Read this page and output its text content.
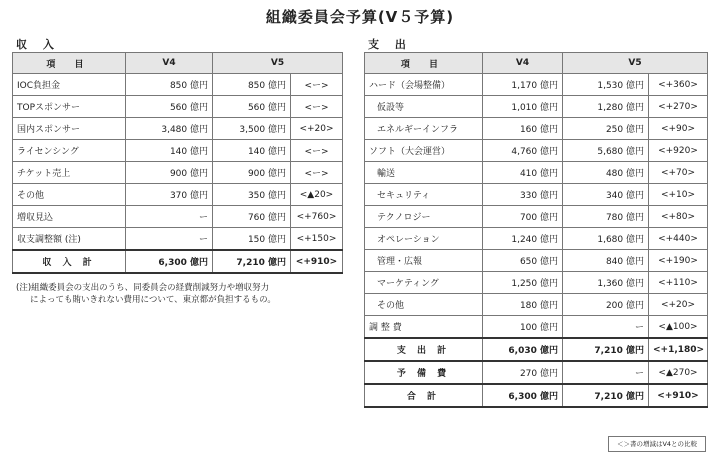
組織委員会予算(V５予算)
収 入	支 出
項 目	V4	V5	
IOC負担金	850 億円	850 億円	<ー>
TOPスポンサー	560 億円	560 億円	<ー>
国内スポンサー	3,480 億円	3,500 億円	<+20>
ライセンシング	140 億円	140 億円	<ー>
チケット売上	900 億円	900 億円	<ー>
その他	370 億円	350 億円	<▲20>
増収見込	ー	760 億円	<+760>
収支調整額 (注)	ー	150 億円	<+150>
収 入 計	6,300 億円	7,210 億円	<+910>
項 目	V4	V5	
ハード（会場整備）	1,170 億円	1,530 億円	<+360>
仮設等	1,010 億円	1,280 億円	<+270>
エネルギーインフラ	160 億円	250 億円	<+90>
ソフト（大会運営）	4,760 億円	5,680 億円	<+920>
輸送	410 億円	480 億円	<+70>
セキュリティ	330 億円	340 億円	<+10>
テクノロジー	700 億円	780 億円	<+80>
オペレーション	1,240 億円	1,680 億円	<+440>
管理・広報	650 億円	840 億円	<+190>
マーケティング	1,250 億円	1,360 億円	<+110>
その他	180 億円	200 億円	<+20>
調 整 費	100 億円	ー	<▲100>
支 出 計	6,030 億円	7,210 億円	<+1,180>
予 備 費	270 億円	ー	<▲270>
合 計	6,300 億円	7,210 億円	<+910>
(注)組織委員会の支出のうち、同委員会の経費削減努力や増収努力
によっても賄いきれない費用について、東京都が負担するもの。
＜＞書の増減はV4との比較
